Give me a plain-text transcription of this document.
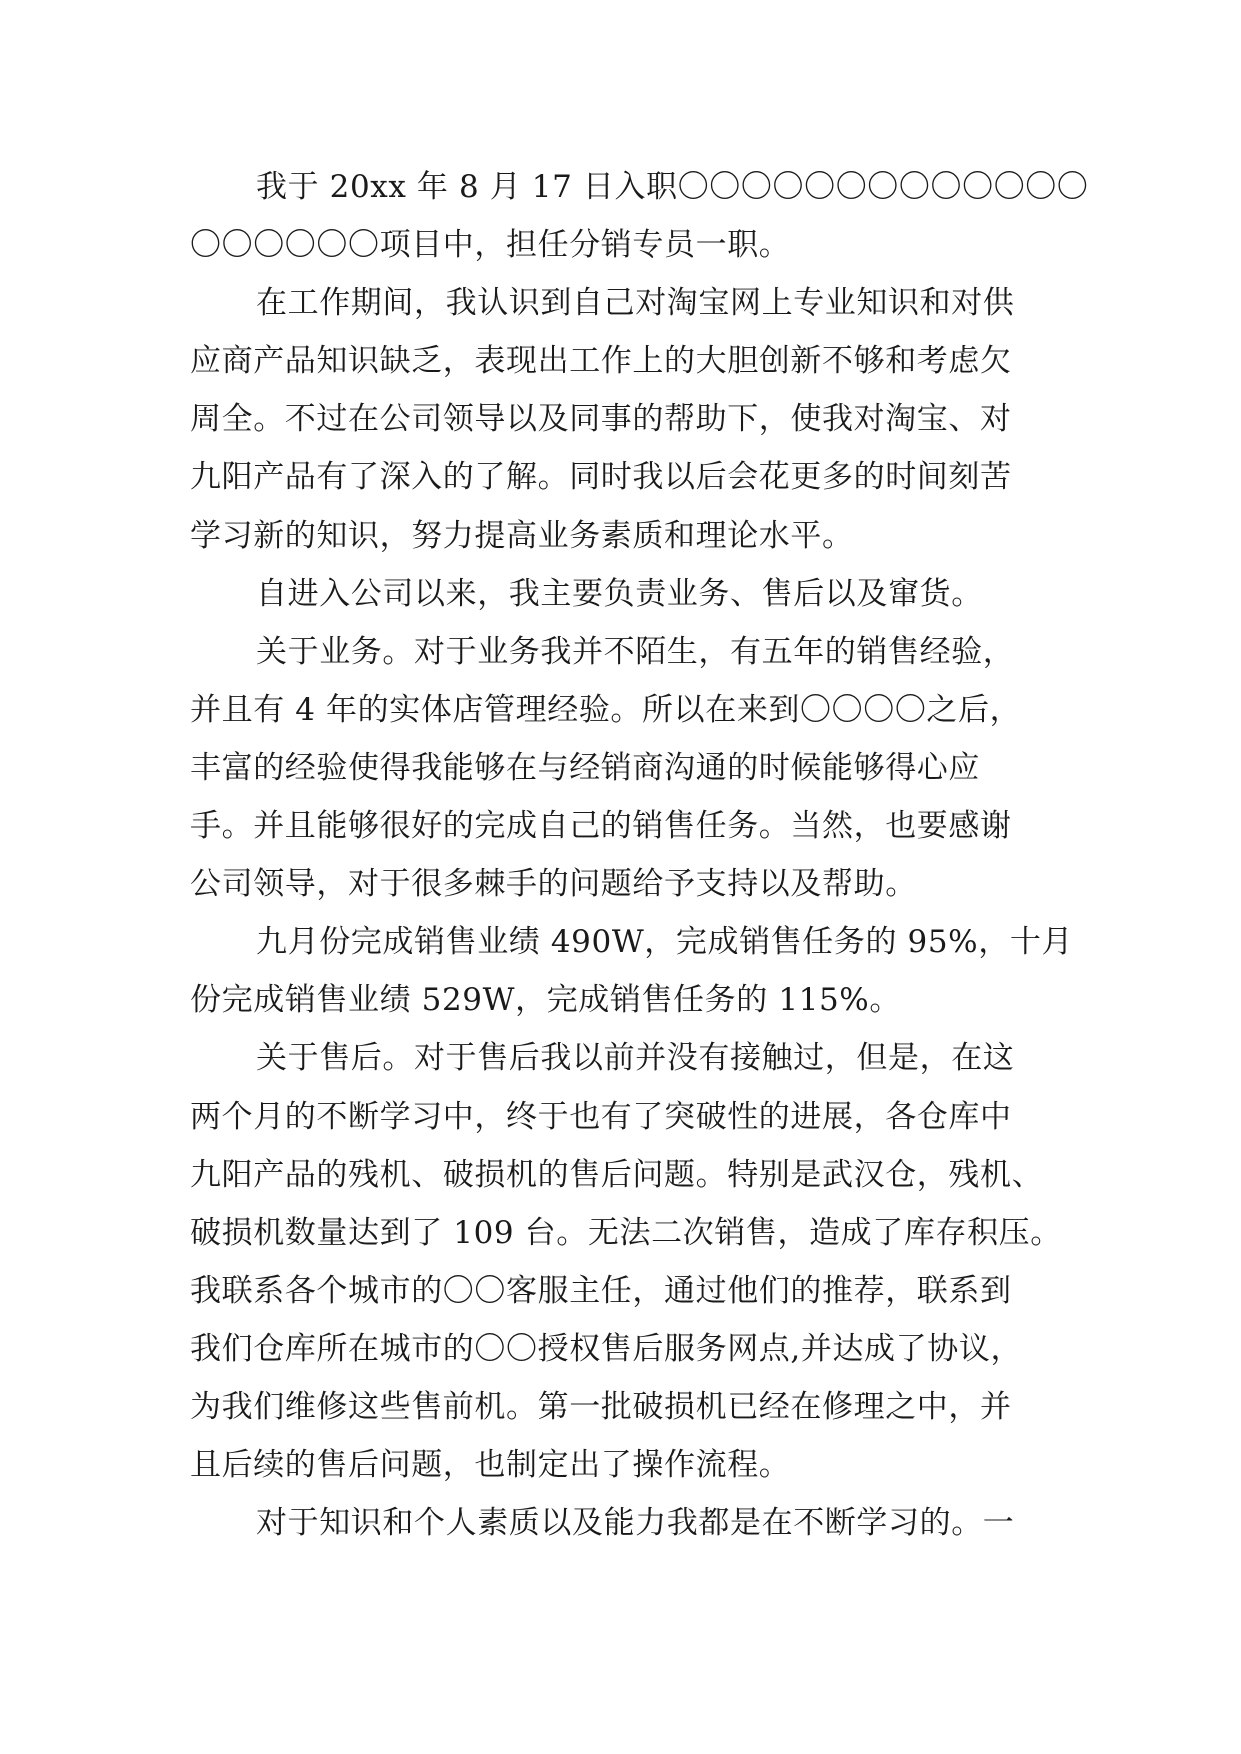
我于 20xx 年 8 月 17 日入职〇〇〇〇〇〇〇〇〇〇〇〇〇
〇〇〇〇〇〇项目中，担任分销专员一职。
在工作期间，我认识到自己对淘宝网上专业知识和对供
应商产品知识缺乏，表现出工作上的大胆创新不够和考虑欠
周全。不过在公司领导以及同事的帮助下，使我对淘宝、对
九阳产品有了深入的了解。同时我以后会花更多的时间刻苦
学习新的知识，努力提高业务素质和理论水平。
自进入公司以来，我主要负责业务、售后以及窜货。
关于业务。对于业务我并不陌生，有五年的销售经验，
并且有 4 年的实体店管理经验。所以在来到〇〇〇〇之后，
丰富的经验使得我能够在与经销商沟通的时候能够得心应
手。并且能够很好的完成自己的销售任务。当然，也要感谢
公司领导，对于很多棘手的问题给予支持以及帮助。
九月份完成销售业绩 490W，完成销售任务的 95%，十月
份完成销售业绩 529W，完成销售任务的 115%。
关于售后。对于售后我以前并没有接触过，但是，在这
两个月的不断学习中，终于也有了突破性的进展，各仓库中
九阳产品的残机、破损机的售后问题。特别是武汉仓，残机、
破损机数量达到了 109 台。无法二次销售，造成了库存积压。
我联系各个城市的〇〇客服主任，通过他们的推荐，联系到
我们仓库所在城市的〇〇授权售后服务网点,并达成了协议，
为我们维修这些售前机。第一批破损机已经在修理之中，并
且后续的售后问题，也制定出了操作流程。
对于知识和个人素质以及能力我都是在不断学习的。一
